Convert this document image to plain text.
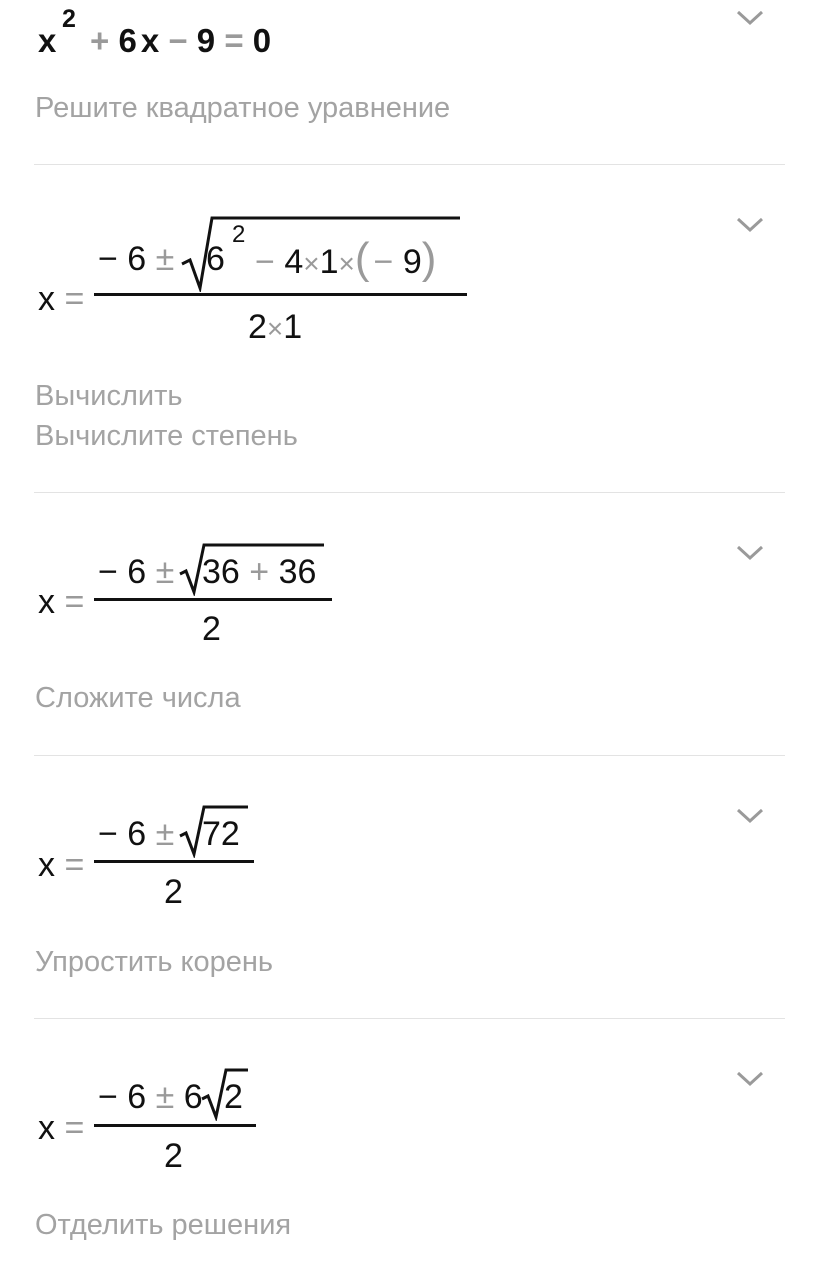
x
2
+ 6 x − 9 = 0
Решите квадратное уравнение
x =
− 6 ± 6
2
− 4×1×( − 9)
2×1
Вычислить
Вычислите степень
x =
− 6 ± 36 + 36
2
Сложите числа
x =
− 6 ± 72
2
Упростить корень
x =
− 6 ± 6 2
2
Отделить решения
